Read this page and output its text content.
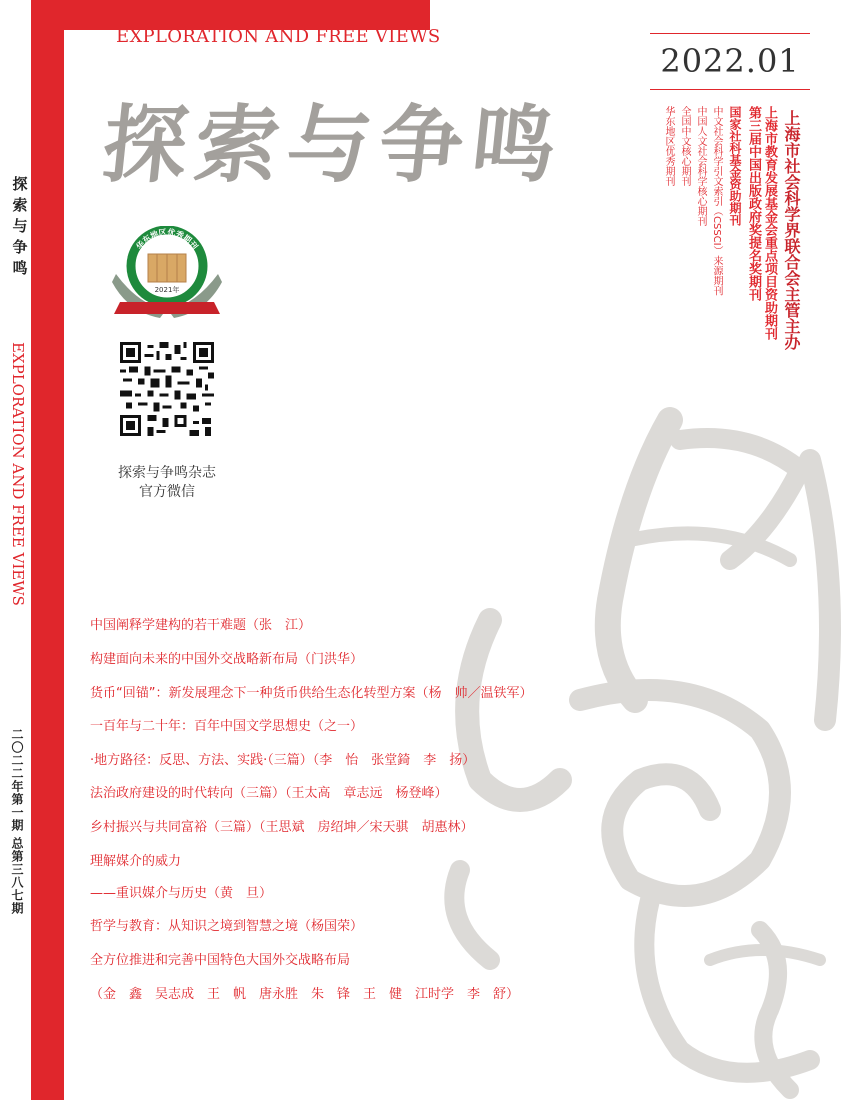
EXPLORATION AND FREE VIEWS
探索与争鸣
2022.01
上海市社会科学界联合会主管主办
上海市教育发展基金会重点项目资助期刊
第三届中国出版政府奖提名奖期刊
国家社科基金资助期刊
中文社会科学引文索引（CSSCI）来源期刊
中国人文社会科学核心期刊
全国中文核心期刊
华东地区优秀期刊
探索与争鸣
EXPLORATION AND FREE VIEWS
二〇二二年第一期 总第三八七期
华东地区优秀期刊
2021年
探索与争鸣杂志
官方微信
中国阐释学建构的若干难题（张　江）
构建面向未来的中国外交战略新布局（门洪华）
货币“回锚”：新发展理念下一种货币供给生态化转型方案（杨　帅／温铁军）
一百年与二十年：百年中国文学思想史（之一）
·地方路径：反思、方法、实践·（三篇）（李　怡　张堂錡　李　扬）
法治政府建设的时代转向（三篇）（王太高　章志远　杨登峰）
乡村振兴与共同富裕（三篇）（王思斌　房绍坤／宋天骐　胡惠林）
理解媒介的威力
——重识媒介与历史（黄　旦）
哲学与教育：从知识之境到智慧之境（杨国荣）
全方位推进和完善中国特色大国外交战略布局
（金　鑫　吴志成　王　帆　唐永胜　朱　锋　王　健　江时学　李　舒）
